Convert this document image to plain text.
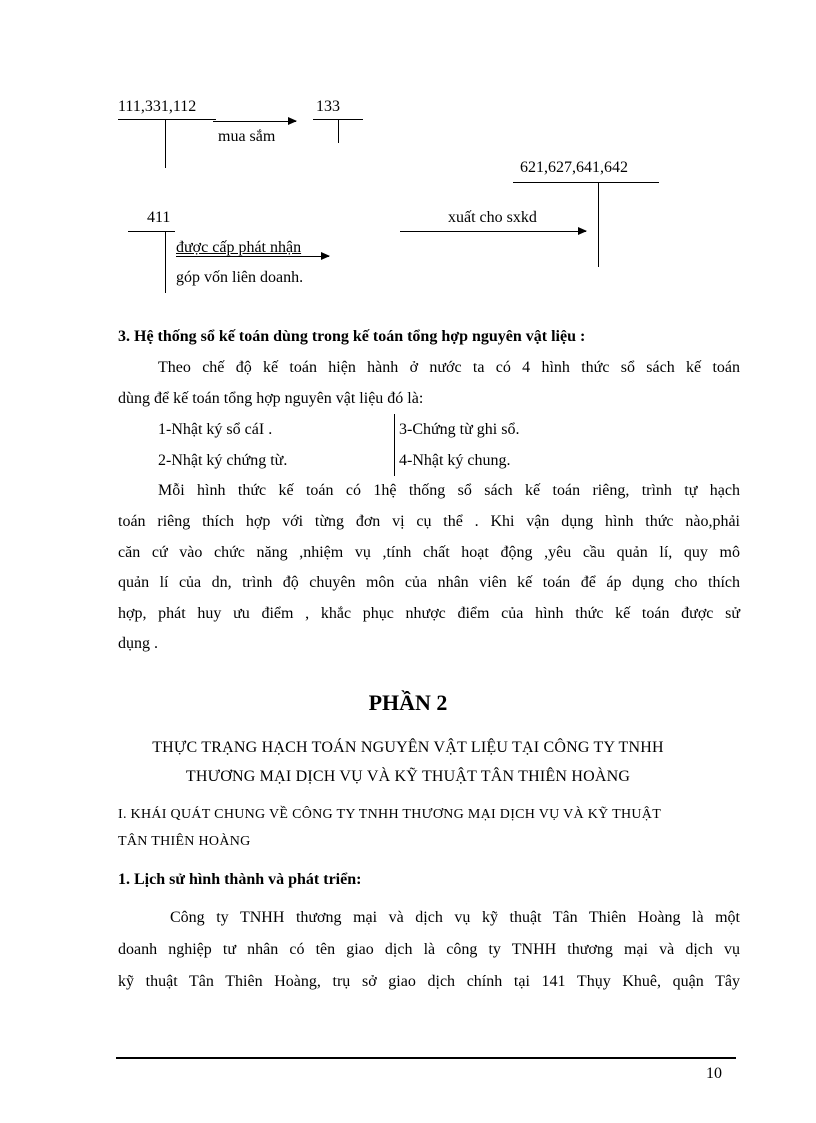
111,331,112
mua sắm
133
621,627,641,642
xuất cho sxkd
411
được cấp phát nhận
góp vốn liên doanh.
3. Hệ thống sổ kế toán dùng trong kế toán tổng hợp nguyên vật liệu :
Theo chế độ kế toán hiện hành ở nước ta có 4 hình thức sổ sách kế toán
dùng để kế toán tổng hợp nguyên vật liệu đó là:
1-Nhật ký sổ cáI .	3-Chứng từ ghi sổ.
2-Nhật ký chứng từ.	4-Nhật ký chung.
Mỗi hình thức kế toán có 1hệ thống sổ sách kế toán riêng, trình tự hạch
toán riêng thích hợp với từng đơn vị cụ thể . Khi vận dụng hình thức nào,phải
căn cứ vào chức năng ,nhiệm vụ ,tính chất hoạt động ,yêu cầu quản lí, quy mô
quản lí của dn, trình độ chuyên môn của nhân viên kế toán để áp dụng cho thích
hợp, phát huy ưu điểm , khắc phục nhược điểm của hình thức kế toán được sử
dụng .
PHẦN 2
THỰC TRẠNG HẠCH TOÁN NGUYÊN VẬT LIỆU TẠI CÔNG TY TNHH
THƯƠNG MẠI DỊCH VỤ VÀ KỸ THUẬT TÂN THIÊN HOÀNG
I. KHÁI QUÁT CHUNG VỀ CÔNG TY TNHH THƯƠNG MẠI DỊCH VỤ VÀ KỸ THUẬT
TÂN THIÊN HOÀNG
1. Lịch sử hình thành và phát triển:
Công ty TNHH thương mại và dịch vụ kỹ thuật Tân Thiên Hoàng là một
doanh nghiệp tư nhân có tên giao dịch là công ty TNHH thương mại và dịch vụ
kỹ thuật Tân Thiên Hoàng, trụ sở giao dịch chính tại 141 Thụy Khuê, quận Tây
10
